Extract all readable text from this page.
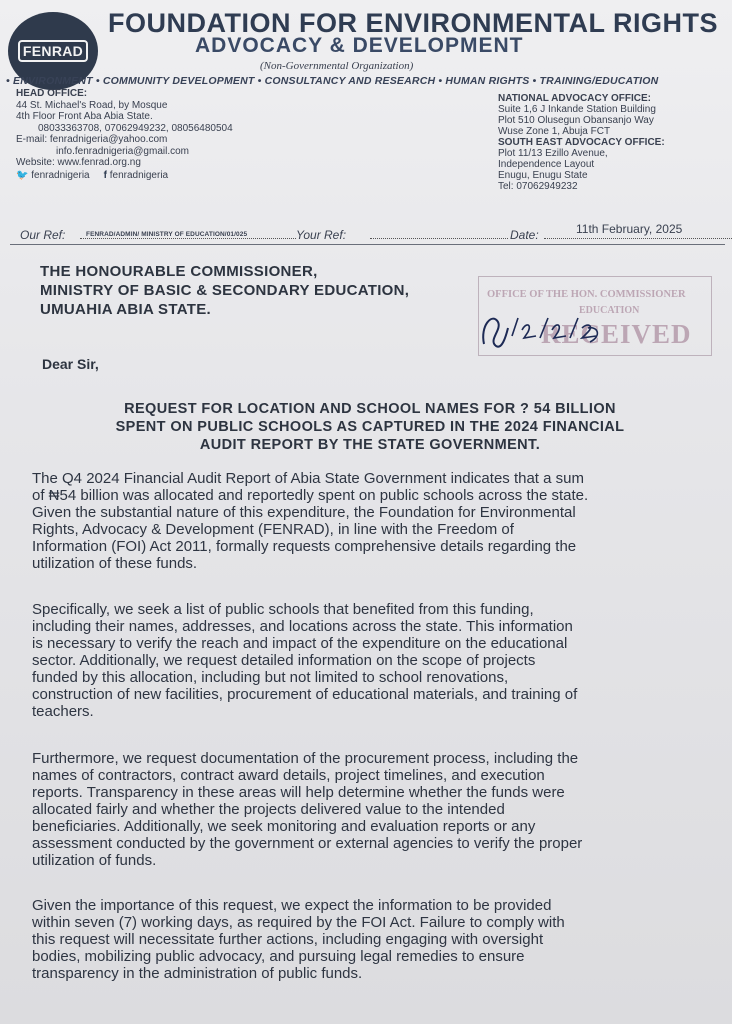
FENRAD
FOUNDATION FOR ENVIRONMENTAL RIGHTS
ADVOCACY & DEVELOPMENT
(Non-Governmental Organization)
• ENVIRONMENT • COMMUNITY DEVELOPMENT • CONSULTANCY AND RESEARCH • HUMAN RIGHTS • TRAINING/EDUCATION
HEAD OFFICE:
44 St. Michael's Road, by Mosque
4th Floor Front Aba Abia State.
08033363708, 07062949232, 08056480504
E-mail: fenradnigeria@yahoo.com
info.fenradnigeria@gmail.com
Website: www.fenrad.org.ng
🐦 fenradnigeria f fenradnigeria
NATIONAL ADVOCACY OFFICE:
Suite 1,6 J Inkande Station Building
Plot 510 Olusegun Obansanjo Way
Wuse Zone 1, Abuja FCT
SOUTH EAST ADVOCACY OFFICE:
Plot 11/13 Ezillo Avenue,
Independence Layout
Enugu, Enugu State
Tel: 07062949232
Our Ref:	FENRAD/ADMIN/ MINISTRY OF EDUCATION/01/025	Your Ref:	Date:	11th February, 2025
THE HONOURABLE COMMISSIONER,
MINISTRY OF BASIC & SECONDARY EDUCATION,
UMUAHIA ABIA STATE.
OFFICE OF THE HON. COMMISSIONER
EDUCATION
RECEIVED
Dear Sir,
REQUEST FOR LOCATION AND SCHOOL NAMES FOR ? 54 BILLION
SPENT ON PUBLIC SCHOOLS AS CAPTURED IN THE 2024 FINANCIAL
AUDIT REPORT BY THE STATE GOVERNMENT.
The Q4 2024 Financial Audit Report of Abia State Government indicates that a sum
of ₦54 billion was allocated and reportedly spent on public schools across the state.
Given the substantial nature of this expenditure, the Foundation for Environmental
Rights, Advocacy & Development (FENRAD), in line with the Freedom of
Information (FOI) Act 2011, formally requests comprehensive details regarding the
utilization of these funds.
Specifically, we seek a list of public schools that benefited from this funding,
including their names, addresses, and locations across the state. This information
is necessary to verify the reach and impact of the expenditure on the educational
sector. Additionally, we request detailed information on the scope of projects
funded by this allocation, including but not limited to school renovations,
construction of new facilities, procurement of educational materials, and training of
teachers.
Furthermore, we request documentation of the procurement process, including the
names of contractors, contract award details, project timelines, and execution
reports. Transparency in these areas will help determine whether the funds were
allocated fairly and whether the projects delivered value to the intended
beneficiaries. Additionally, we seek monitoring and evaluation reports or any
assessment conducted by the government or external agencies to verify the proper
utilization of funds.
Given the importance of this request, we expect the information to be provided
within seven (7) working days, as required by the FOI Act. Failure to comply with
this request will necessitate further actions, including engaging with oversight
bodies, mobilizing public advocacy, and pursuing legal remedies to ensure
transparency in the administration of public funds.
